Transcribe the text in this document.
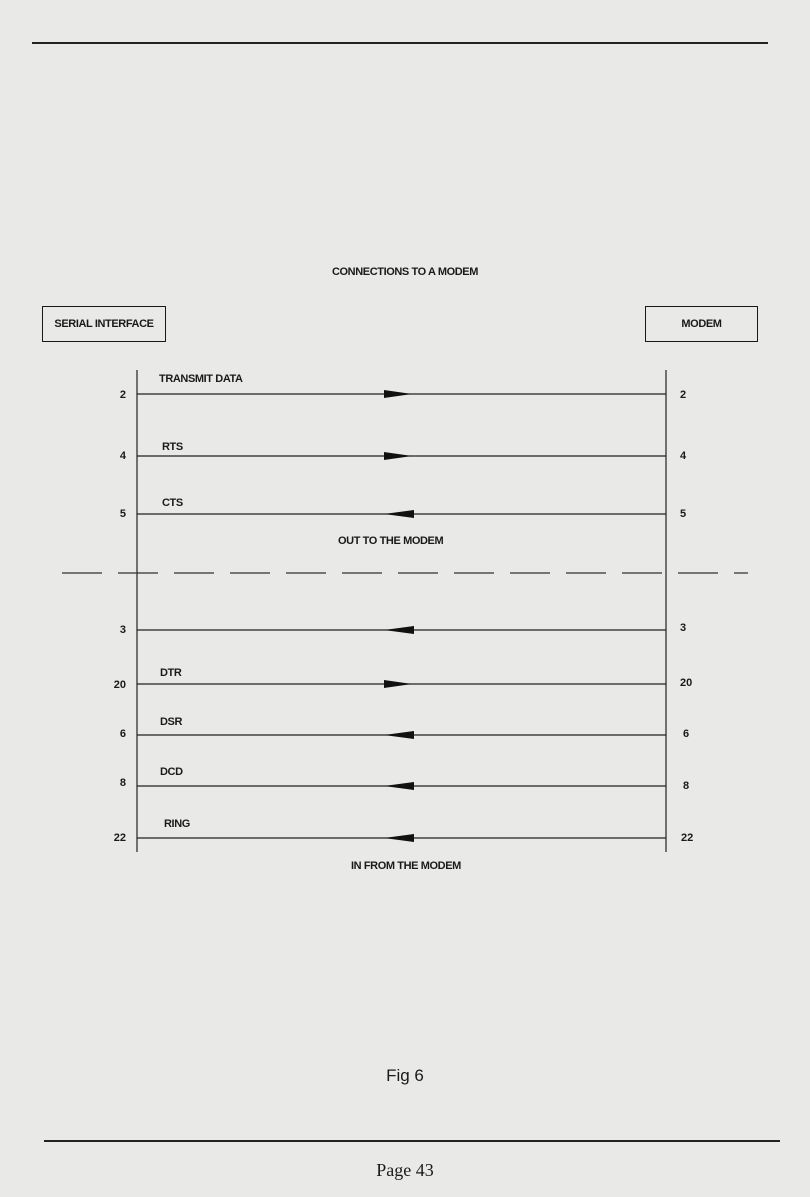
CONNECTIONS TO A MODEM
SERIAL INTERFACE	MODEM
OUT TO THE MODEM
IN FROM THE MODEM
2	2
TRANSMIT DATA
4	4
RTS
5	5
CTS
3	3
20	20
DTR
6	6
DSR
8	8
DCD
22	22
RING
Fig 6
Page 43
